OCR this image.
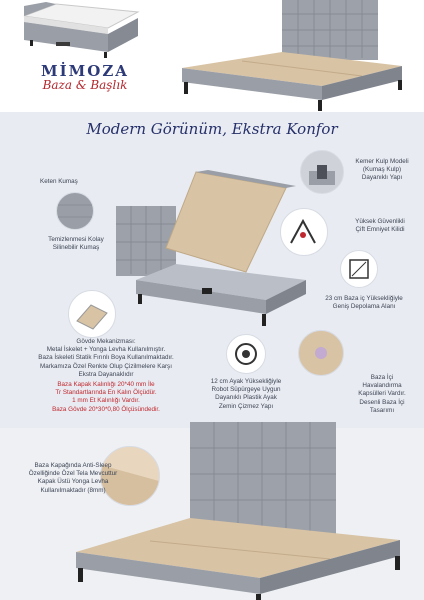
MİMOZA
Baza & Başlık
Modern Görünüm, Ekstra Konfor
Kemer Kulp Modeli
(Kumaş Kulp)
Dayanıklı Yapı
Keten Kumaş
Temizlenmesi Kolay
Silinebilir Kumaş
Yüksek Güvenlikli
Çift Emniyet Kilidi
23 cm Baza iç Yüksekliğiyle
Geniş Depolama Alanı
Gövde Mekanizması:
Metal İskelet + Yonga Levha Kullanılmıştır.
Baza İskeleti Statik Fırınlı Boya Kullanılmaktadır.
Markamıza Özel Renkte Olup Çizilmelere Karşı
Ekstra Dayanaklıdır
Baza Kapak Kalınlığı 20*40 mm İle
Tr Standartlarında En Kalın Ölçüdür.
1 mm Et Kalınlığı Vardır.
Baza Gövde 20*30*0,80 Ölçüsündedir.
12 cm Ayak Yüksekliğiyle
Robot Süpürgeye Uygun
Dayanıklı Plastik Ayak
Zemin Çizmez Yapı
Baza İçi
Havalandırma
Kapsülleri Vardır.
Desenli Baza İçi
Tasarımı
Baza Kapağında Anti-Sleep
Özelliğinde Özel Tela Mevcuttur
Kapak Üstü Yonga Levha
Kullanılmaktadır (8mm)
